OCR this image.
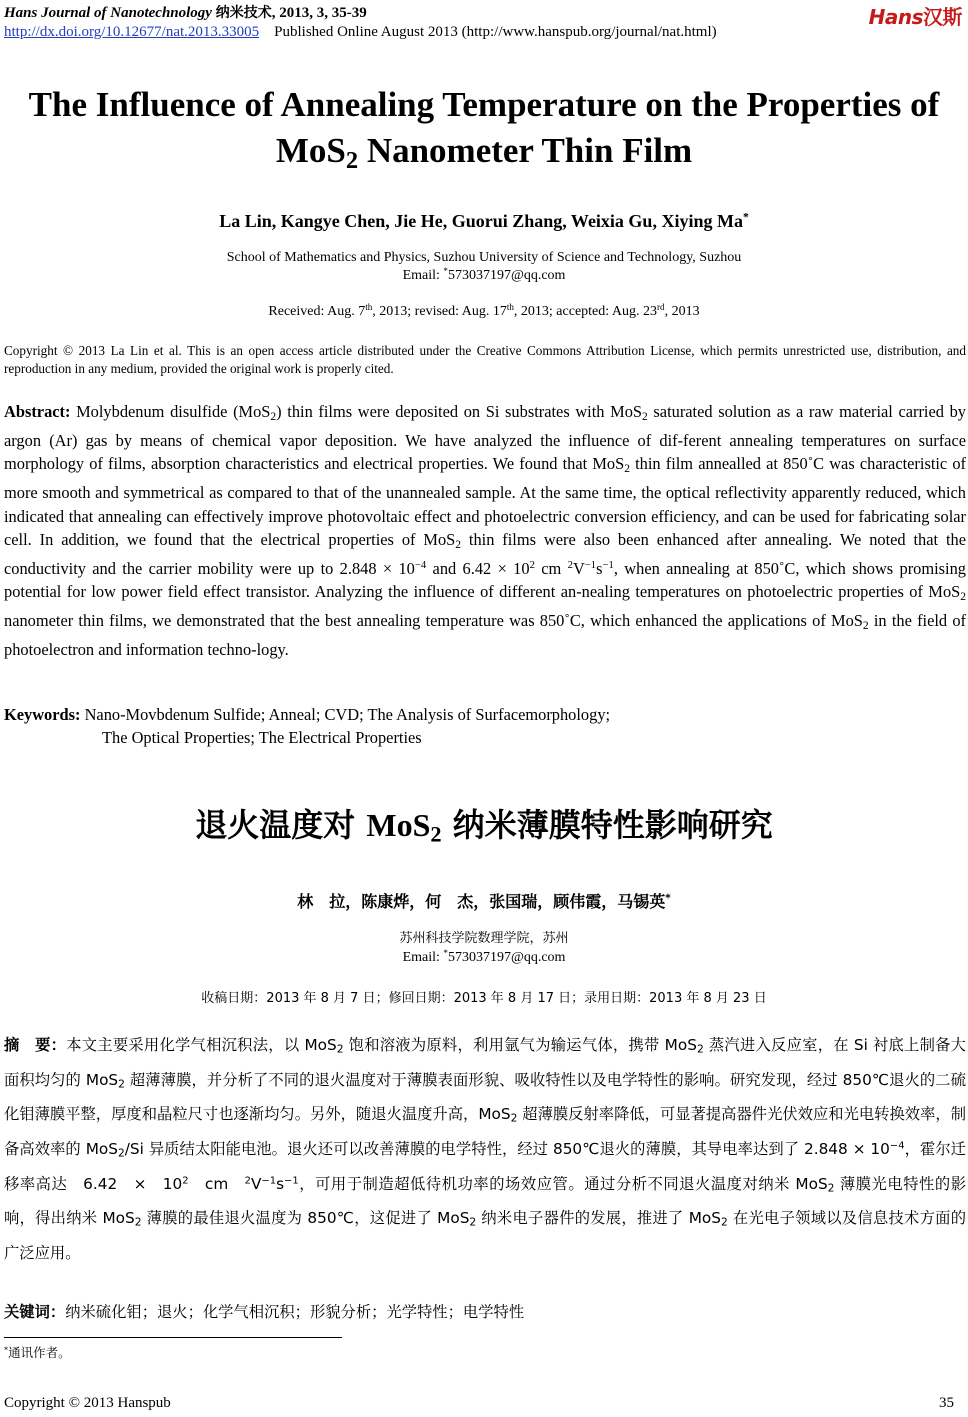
Hans Journal of Nanotechnology 纳米技术, 2013, 3, 35-39
http://dx.doi.org/10.12677/nat.2013.33005 Published Online August 2013 (http://www.hanspub.org/journal/nat.html)
Hans汉斯
The Influence of Annealing Temperature on the Properties of
MoS$_2$ Nanometer Thin Film
La Lin, Kangye Chen, Jie He, Guorui Zhang, Weixia Gu, Xiying Ma*
School of Mathematics and Physics, Suzhou University of Science and Technology, Suzhou
Email: *573037197@qq.com
Received: Aug. 7th, 2013; revised: Aug. 17th, 2013; accepted: Aug. 23rd, 2013
Copyright © 2013 La Lin et al. This is an open access article distributed under the Creative Commons Attribution License, which permits unrestricted use, distribution, and reproduction in any medium, provided the original work is properly cited.
Abstract: Molybdenum disulfide (MoS$_2$) thin films were deposited on Si substrates with MoS$_2$ saturated solution as a raw material carried by argon (Ar) gas by means of chemical vapor deposition. We have analyzed the influence of dif-ferent annealing temperatures on surface morphology of films, absorption characteristics and electrical properties. We found that MoS$_2$ thin film annealled at 850˚C was characteristic of more smooth and symmetrical as compared to that of the unannealed sample. At the same time, the optical reflectivity apparently reduced, which indicated that annealing can effectively improve photovoltaic effect and photoelectric conversion efficiency, and can be used for fabricating solar cell. In addition, we found that the electrical properties of MoS$_2$ thin films were also been enhanced after annealing. We noted that the conductivity and the carrier mobility were up to $2.848 \times 10^{-4}$ and $6.42 \times 10^2$ cm $^2V^{-1}s^{-1}$, when annealing at 850˚C, which shows promising potential for low power field effect transistor. Analyzing the influence of different an-nealing temperatures on photoelectric properties of MoS$_2$ nanometer thin films, we demonstrated that the best annealing temperature was 850˚C, which enhanced the applications of MoS$_2$ in the field of photoelectron and information techno-logy.
Keywords: Nano-Movbdenum Sulfide; Anneal; CVD; The Analysis of Surfacemorphology;
The Optical Properties; The Electrical Properties
退火温度对 MoS$_2$ 纳米薄膜特性影响研究
林　拉，陈康烨，何　杰，张国瑞，顾伟霞，马锡英*
苏州科技学院数理学院，苏州
Email: *573037197@qq.com
收稿日期：2013 年 8 月 7 日；修回日期：2013 年 8 月 17 日；录用日期：2013 年 8 月 23 日
摘　要：本文主要采用化学气相沉积法，以 MoS$_2$ 饱和溶液为原料，利用氩气为输运气体，携带 MoS$_2$ 蒸汽进入反应室，在 Si 衬底上制备大面积均匀的 MoS$_2$ 超薄薄膜，并分析了不同的退火温度对于薄膜表面形貌、吸收特性以及电学特性的影响。研究发现，经过 850℃退火的二硫化钼薄膜平整，厚度和晶粒尺寸也逐渐均匀。另外，随退火温度升高，MoS$_2$ 超薄膜反射率降低，可显著提高器件光伏效应和光电转换效率，制备高效率的 MoS$_2$/Si 异质结太阳能电池。退火还可以改善薄膜的电学特性，经过 850℃退火的薄膜，其导电率达到了 $2.848 \times 10^{-4}$，霍尔迁移率高达　6.42　×　$10^2$　cm　$^2V^{-1}s^{-1}$，可用于制造超低待机功率的场效应管。通过分析不同退火温度对纳米 MoS$_2$ 薄膜光电特性的影响，得出纳米 MoS$_2$ 薄膜的最佳退火温度为 850℃，这促进了 MoS$_2$ 纳米电子器件的发展，推进了 MoS$_2$ 在光电子领域以及信息技术方面的广泛应用。
关键词：纳米硫化钼；退火；化学气相沉积；形貌分析；光学特性；电学特性
*通讯作者。
Copyright © 2013 Hanspub	35
